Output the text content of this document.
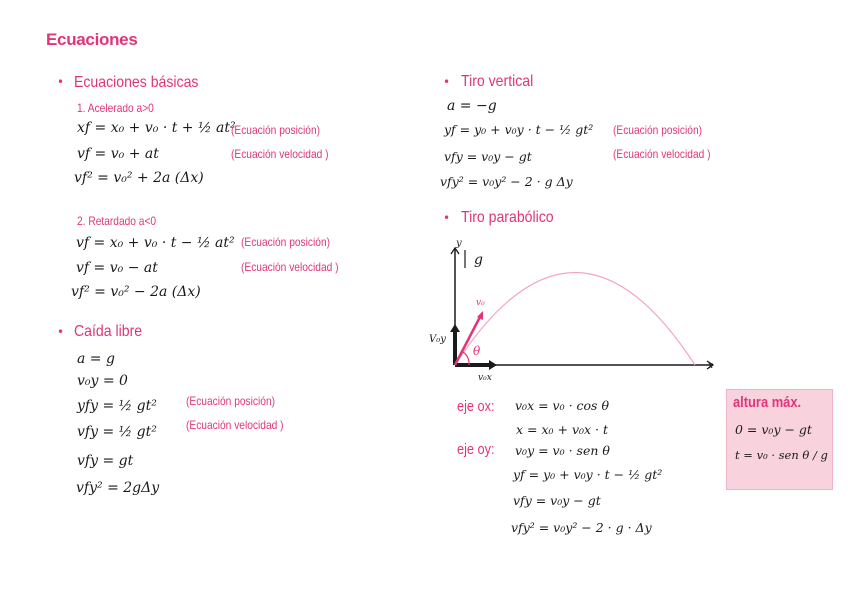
Ecuaciones
• Ecuaciones básicas
1. Acelerado a>0
xf = x₀ + v₀ · t + ½ at²
vf = v₀ + at
vf² = v₀² + 2a (Δx)
(Ecuación posición)
(Ecuación velocidad )
2. Retardado a<0
vf = x₀ + v₀ · t − ½ at²
vf = v₀ − at
vf² = v₀² − 2a (Δx)
(Ecuación posición)
(Ecuación velocidad )
• Caída libre
a = g
v₀y = 0
yfy = ½ gt²
vfy = ½ gt²
vfy = gt
vfy² = 2gΔy
(Ecuación posición)
(Ecuación velocidad )
• Tiro vertical
a = −g
yf = y₀ + v₀y · t − ½ gt²
vfy = v₀y − gt
vfy² = v₀y² − 2 · g Δy
(Ecuación posición)
(Ecuación velocidad )
• Tiro parabólico
y
g
x
v₀
V₀y
v₀x
θ
eje ox: v₀x = v₀ · cos θ
x = x₀ + v₀x · t
eje oy: v₀y = v₀ · sen θ
yf = y₀ + v₀y · t − ½ gt²
vfy = v₀y − gt
vfy² = v₀y² − 2 · g · Δy
altura máx.
0 = v₀y − gt
t = v₀ · sen θ / g
